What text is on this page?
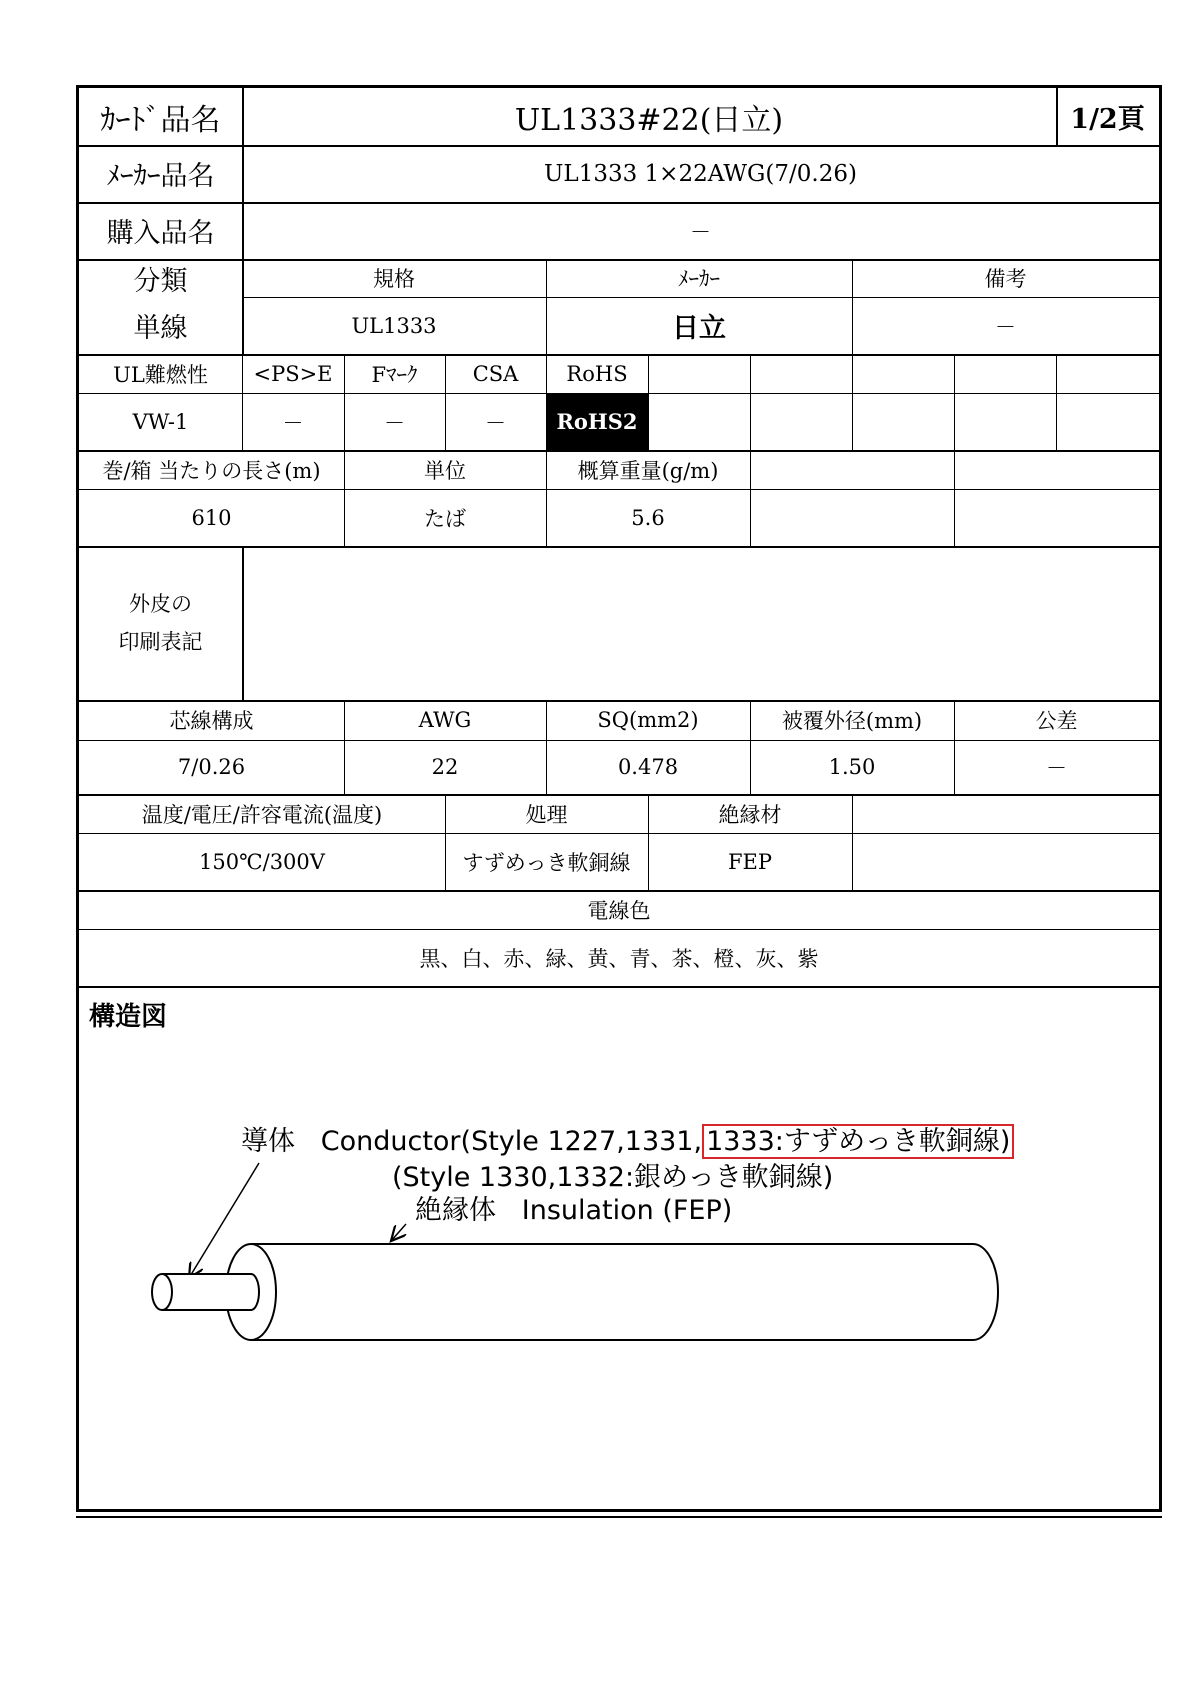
ｶｰﾄﾞ品名	UL1333#22(日立)	1/2頁
ﾒｰｶｰ品名	UL1333 1×22AWG(7/0.26)
購入品名	－
分類	規格	ﾒｰｶｰ	備考
単線	UL1333	日立	－
UL難燃性	<PS>E	Fﾏｰｸ	CSA	RoHS
VW-1	－	－	－	RoHS2
巻/箱 当たりの長さ(m)	単位	概算重量(g/m)
610	たば	5.6
外皮の
印刷表記
芯線構成	AWG	SQ(mm2)	被覆外径(mm)	公差
7/0.26	22	0.478	1.50	－
温度/電圧/許容電流(温度)	処理	絶縁材
150℃/300V	すずめっき軟銅線	FEP
電線色
黒、白、赤、緑、黄、青、茶、橙、灰、紫
構造図
導体 Conductor(Style 1227,1331, 1333:すずめっき軟銅線)
(Style 1330,1332:銀めっき軟銅線)
絶縁体 Insulation (FEP)
